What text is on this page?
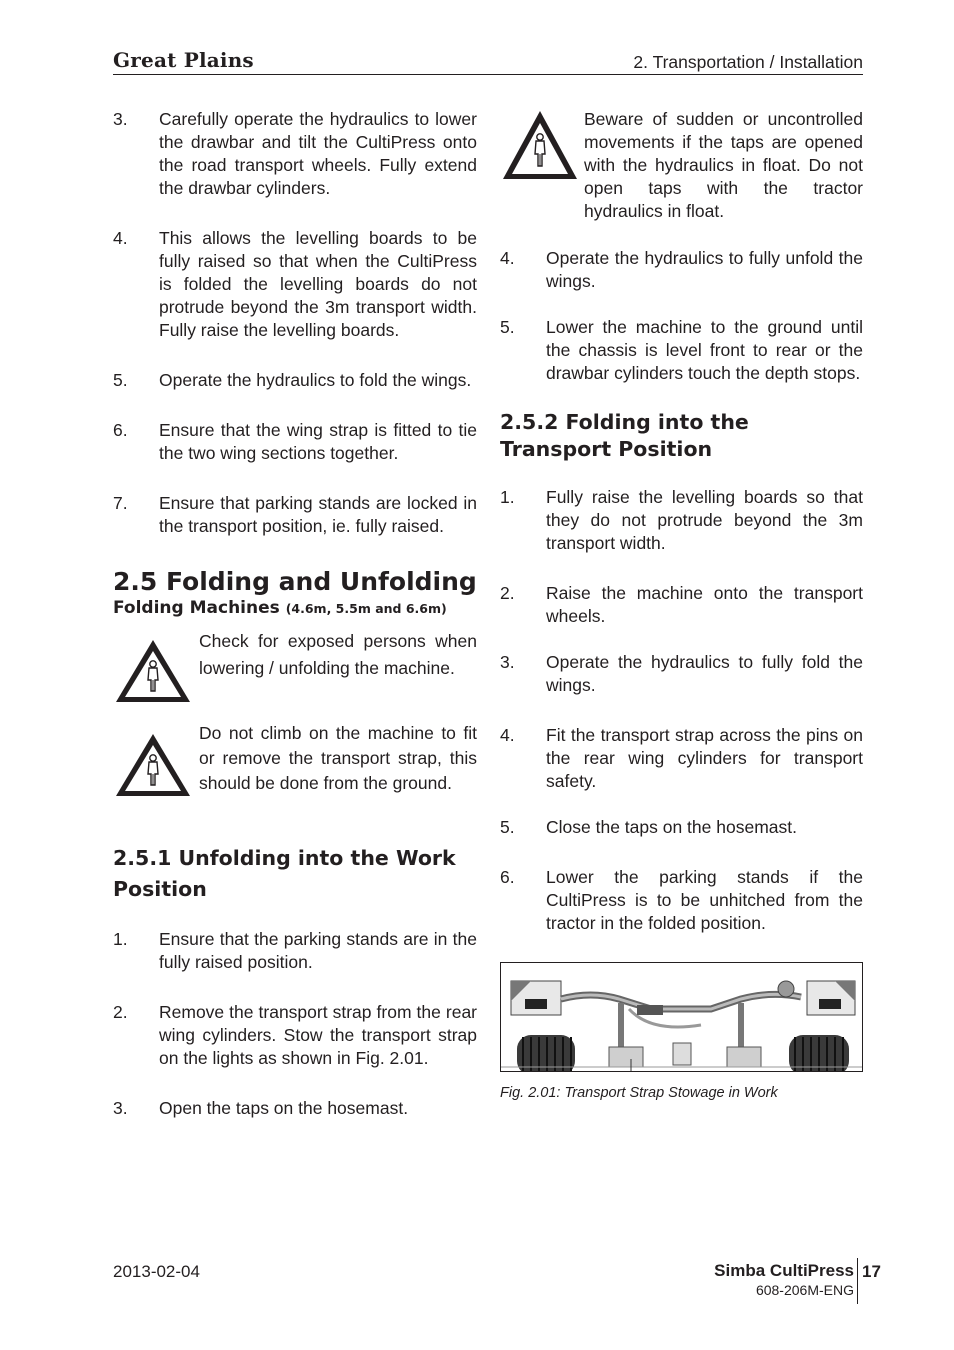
Great Plains	2. Transportation / Installation
3.	Carefully operate the hydraulics to lower the drawbar and tilt the CultiPress onto the road transport wheels. Fully extend the drawbar cylinders.
4.	This allows the levelling boards to be fully raised so that when the CultiPress is folded the levelling boards do not protrude beyond the 3m transport width. Fully raise the levelling boards.
5.	Operate the hydraulics to fold the wings.
6.	Ensure that the wing strap is fitted to tie the two wing sections together.
7.	Ensure that parking stands are locked in the transport position, ie. fully raised.
2.5 Folding and Unfolding
Folding Machines (4.6m, 5.5m and 6.6m)
Check for exposed persons when lowering / unfolding the machine.
Do not climb on the machine to fit or remove the transport strap, this should be done from the ground.
2.5.1 Unfolding into the Work Position
1.	Ensure that the parking stands are in the fully raised position.
2.	Remove the transport strap from the rear wing cylinders. Stow the transport strap on the lights as shown in Fig. 2.01.
3.	Open the taps on the hosemast.
Beware of sudden or uncontrolled movements if the taps are opened with the hydraulics in float. Do not open taps with the tractor hydraulics in float.
4.	Operate the hydraulics to fully unfold the wings.
5.	Lower the machine to the ground until the chassis is level front to rear or the drawbar cylinders touch the depth stops.
2.5.2 Folding into the Transport Position
1.	Fully raise the levelling boards so that they do not protrude beyond the 3m transport width.
2.	Raise the machine onto the transport wheels.
3.	Operate the hydraulics to fully fold the wings.
4.	Fit the transport strap across the pins on the rear wing cylinders for transport safety.
5.	Close the taps on the hosemast.
6.	Lower the parking stands if the CultiPress is to be unhitched from the tractor in the folded position.
Fig. 2.01: Transport Strap Stowage in Work
2013-02-04	Simba CultiPress
608-206M-ENG
17
